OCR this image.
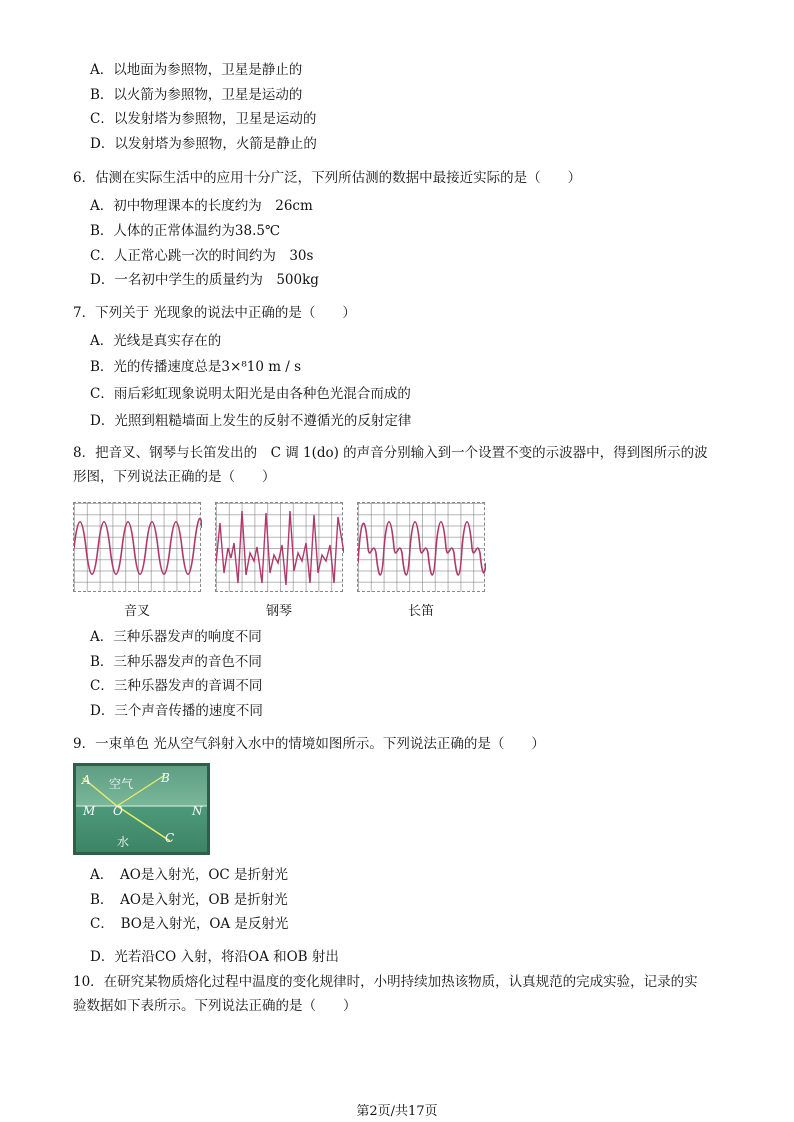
A．以地面为参照物，卫星是静止的
B．以火箭为参照物，卫星是运动的
C．以发射塔为参照物，卫星是运动的
D．以发射塔为参照物，火箭是静止的
6．估测在实际生活中的应用十分广泛，下列所估测的数据中最接近实际的是（　　）
A．初中物理课本的长度约为　26cm
B．人体的正常体温约为38.5℃
C．人正常心跳一次的时间约为　30s
D．一名初中学生的质量约为　500kg
7．下列关于 光现象的说法中正确的是（　　）
A．光线是真实存在的
B．光的传播速度总是3×⁸10 m / s
C．雨后彩虹现象说明太阳光是由各种色光混合而成的
D．光照到粗糙墙面上发生的反射不遵循光的反射定律
8．把音叉、钢琴与长笛发出的　C 调 1(do) 的声音分别输入到一个设置不变的示波器中，得到图所示的波
形图，下列说法正确的是（　　）
音叉	钢琴	长笛
A．三种乐器发声的响度不同
B．三种乐器发声的音色不同
C．三种乐器发声的音调不同
D．三个声音传播的速度不同
9．一束单色 光从空气斜射入水中的情境如图所示。下列说法正确的是（　　）
A 空气 B
M O	N
水	C
A．　AO是入射光，OC 是折射光
B．　AO是入射光，OB 是折射光
C．　BO是入射光，OA 是反射光
D．光若沿CO 入射，将沿OA 和OB 射出
10．在研究某物质熔化过程中温度的变化规律时，小明持续加热该物质，认真规范的完成实验，记录的实
验数据如下表所示。下列说法正确的是（　　）
第2页/共17页
